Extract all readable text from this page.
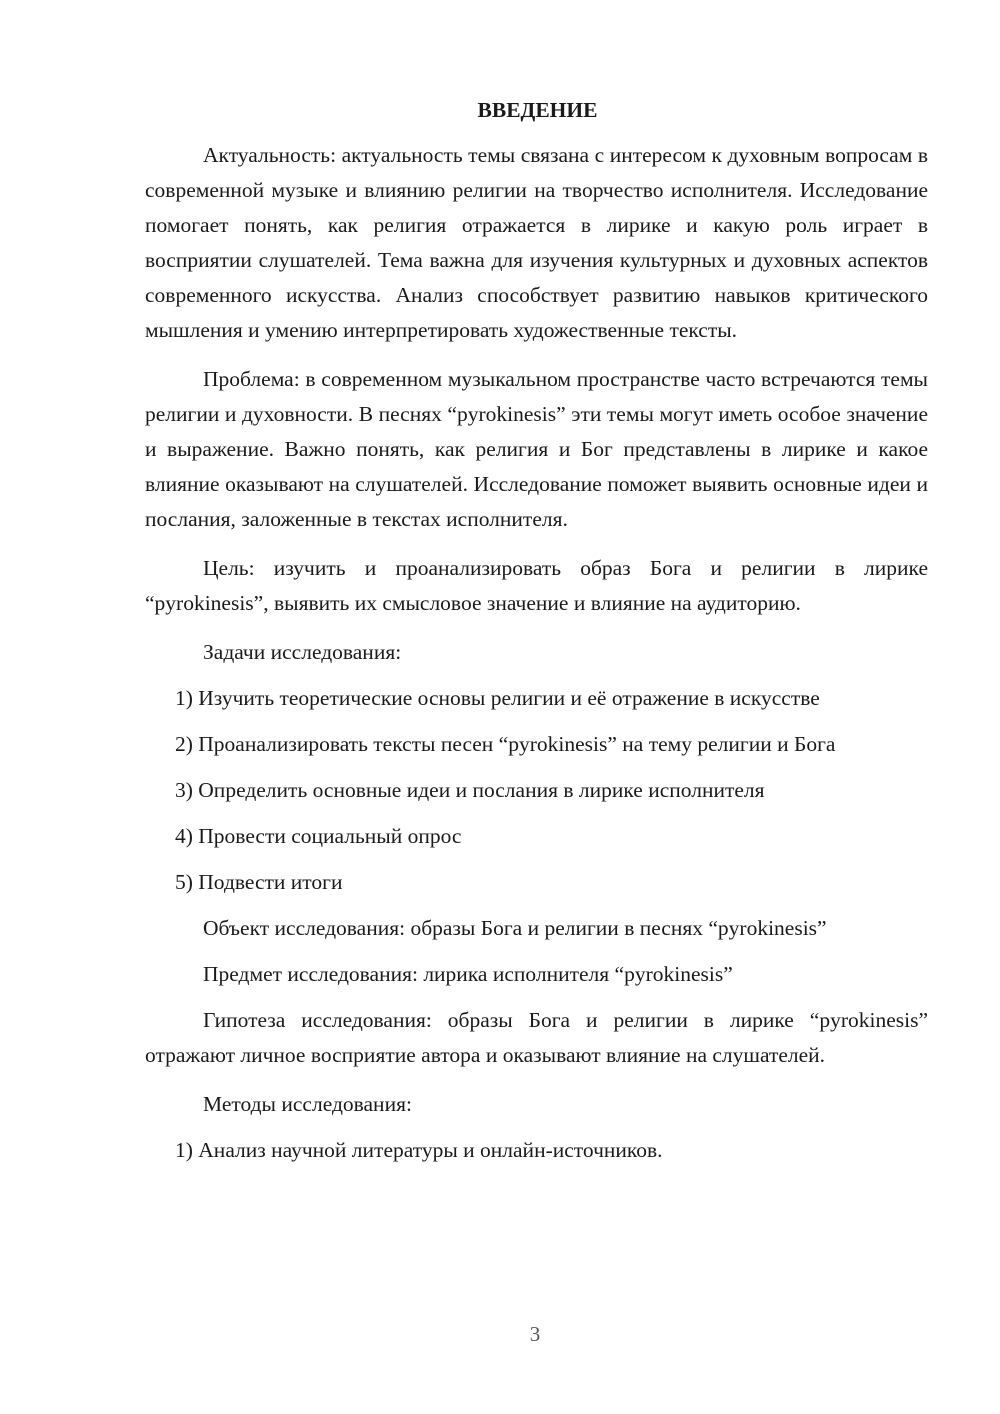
ВВЕДЕНИЕ

Актуальность: актуальность темы связана с интересом к духовным вопросам в современной музыке и влиянию религии на творчество исполнителя. Исследование помогает понять, как религия отражается в лирике и какую роль играет в восприятии слушателей. Тема важна для изучения культурных и духовных аспектов современного искусства. Анализ способствует развитию навыков критического мышления и умению интерпретировать художественные тексты.

Проблема: в современном музыкальном пространстве часто встречаются темы религии и духовности. В песнях “pyrokinesis” эти темы могут иметь особое значение и выражение. Важно понять, как религия и Бог представлены в лирике и какое влияние оказывают на слушателей. Исследование поможет выявить основные идеи и послания, заложенные в текстах исполнителя.

Цель: изучить и проанализировать образ Бога и религии в лирике “pyrokinesis”, выявить их смысловое значение и влияние на аудиторию.

Задачи исследования:

1) Изучить теоретические основы религии и её отражение в искусстве

2) Проанализировать тексты песен “pyrokinesis” на тему религии и Бога

3) Определить основные идеи и послания в лирике исполнителя

4) Провести социальный опрос

5) Подвести итоги

Объект исследования: образы Бога и религии в песнях “pyrokinesis”

Предмет исследования: лирика исполнителя “pyrokinesis”

Гипотеза исследования: образы Бога и религии в лирике “pyrokinesis” отражают личное восприятие автора и оказывают влияние на слушателей.

Методы исследования:

1) Анализ научной литературы и онлайн-источников.

3
